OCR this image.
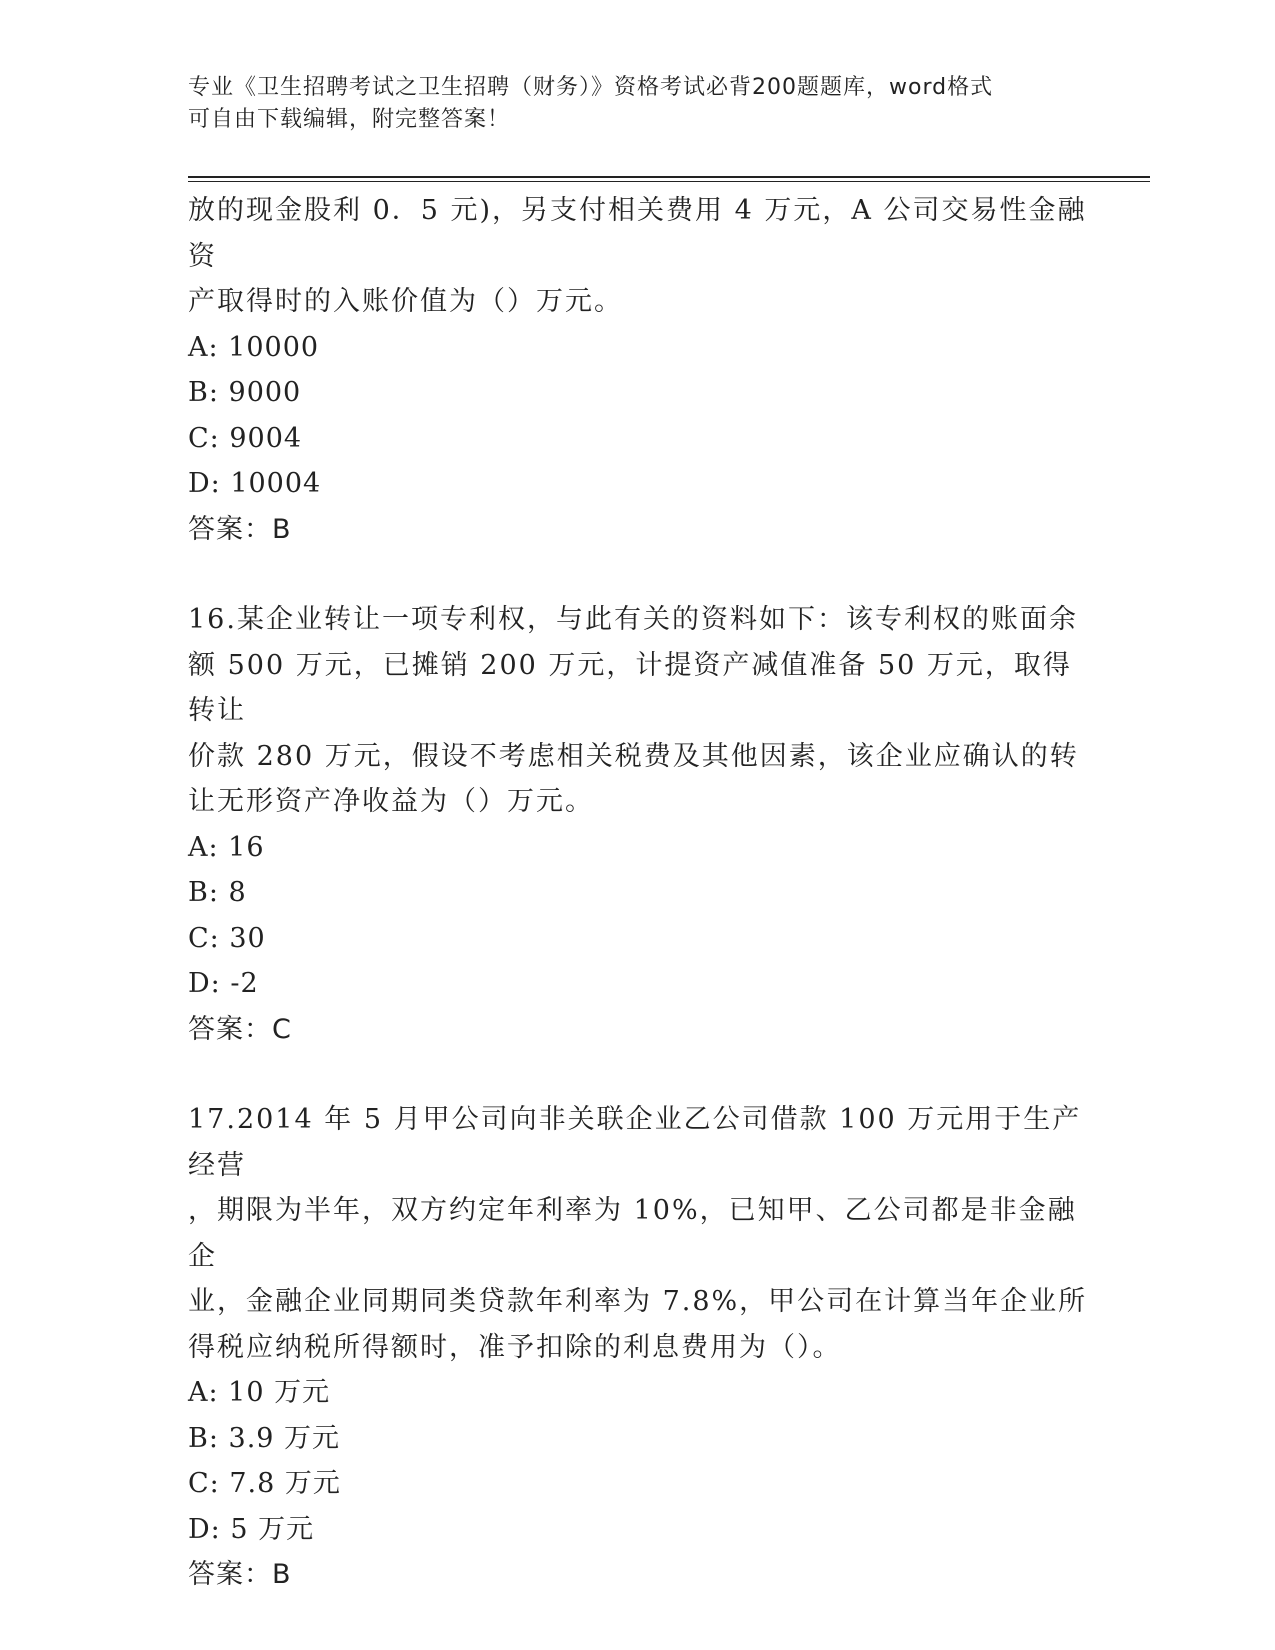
专业《卫生招聘考试之卫生招聘（财务）》资格考试必背200题题库，word格式
可自由下载编辑，附完整答案！

放的现金股利 0．5 元)，另支付相关费用 4 万元，A 公司交易性金融资

产取得时的入账价值为（）万元。

A: 10000

B: 9000

C: 9004

D: 10004

答案：B

16.某企业转让一项专利权，与此有关的资料如下：该专利权的账面余

额 500 万元，已摊销 200 万元，计提资产减值准备 50 万元，取得转让

价款 280 万元，假设不考虑相关税费及其他因素，该企业应确认的转

让无形资产净收益为（）万元。

A: 16

B: 8

C: 30

D: -2

答案：C

17.2014 年 5 月甲公司向非关联企业乙公司借款 100 万元用于生产经营

，期限为半年，双方约定年利率为 10%，已知甲、乙公司都是非金融企

业，金融企业同期同类贷款年利率为 7.8%，甲公司在计算当年企业所

得税应纳税所得额时，准予扣除的利息费用为（）。

A: 10 万元

B: 3.9 万元

C: 7.8 万元

D: 5 万元

答案：B
